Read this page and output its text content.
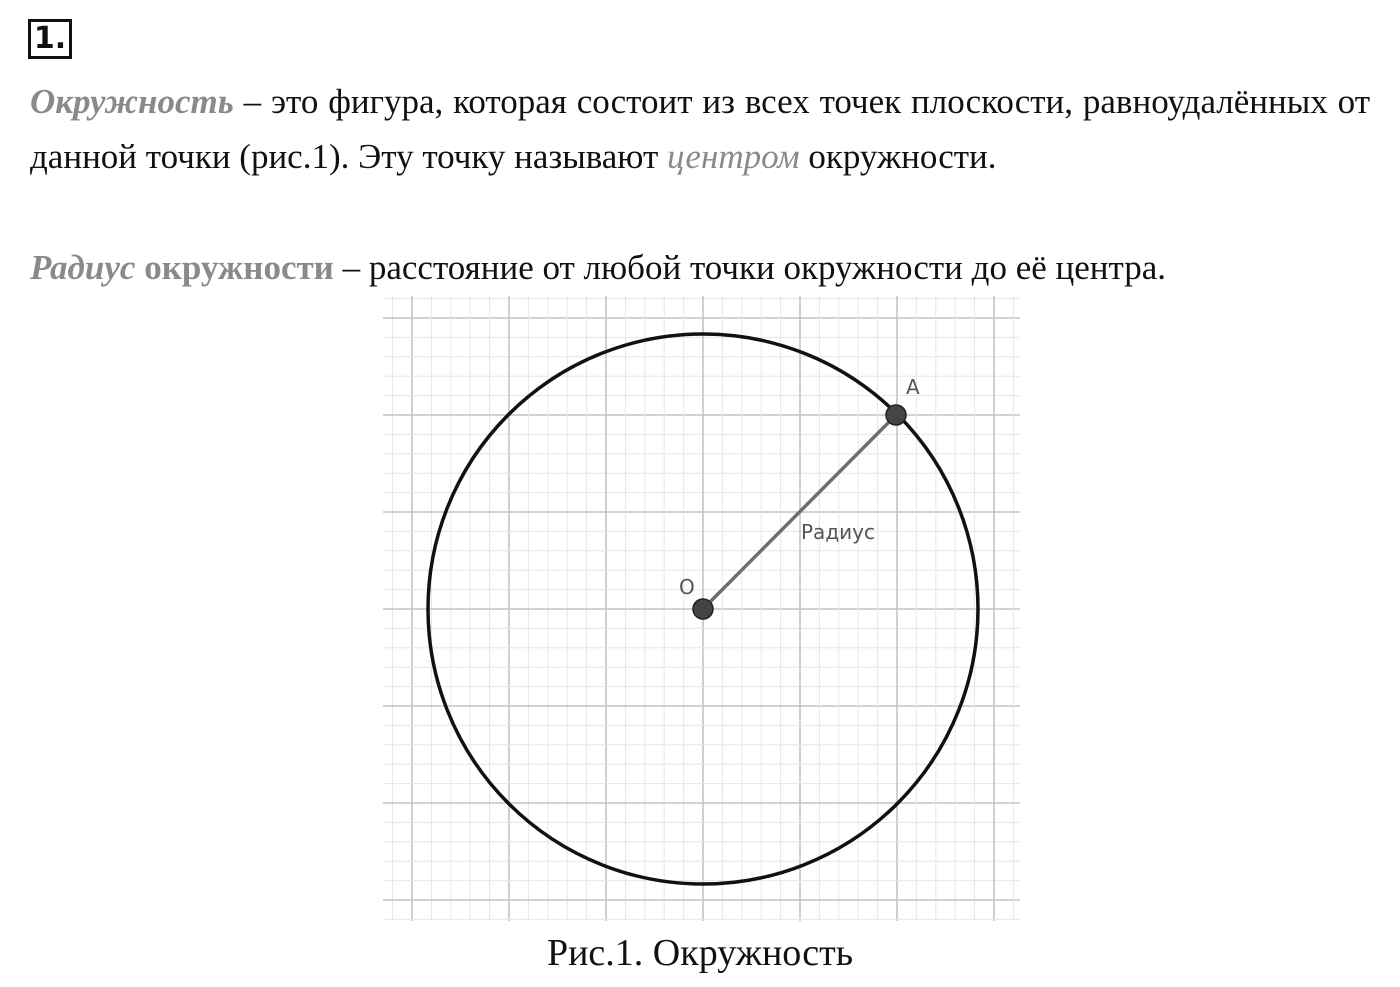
1.

Окружность – это фигура, которая состоит из всех точек плоскости, равноудалённых от данной точки (рис.1). Эту точку называют центром окружности.

Радиус окружности – расстояние от любой точки окружности до её центра.

O
A
Радиус
Рис.1. Окружность
